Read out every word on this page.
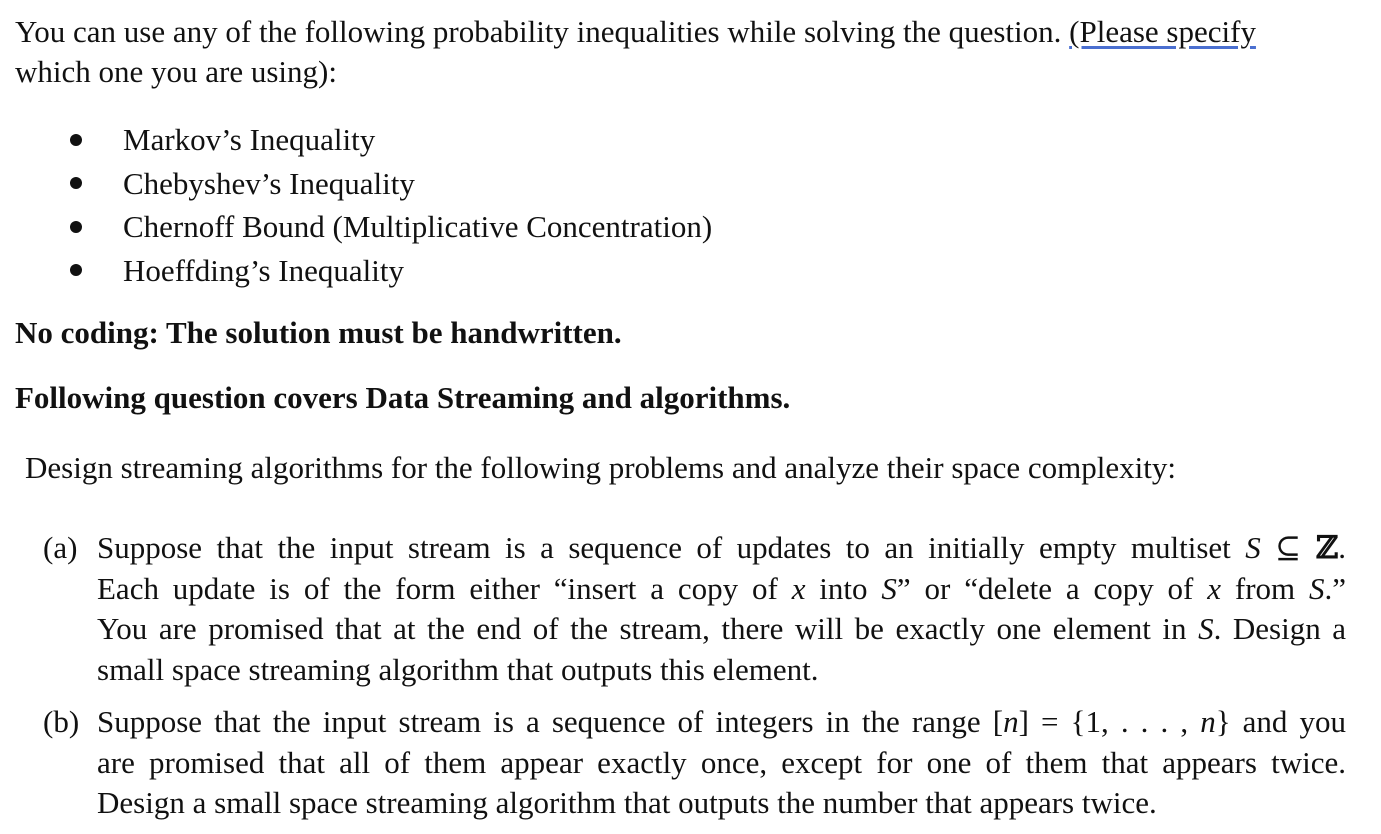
You can use any of the following probability inequalities while solving the question. (Please specify
which one you are using):
Markov’s Inequality
Chebyshev’s Inequality
Chernoff Bound (Multiplicative Concentration)
Hoeffding’s Inequality
No coding: The solution must be handwritten.
Following question covers Data Streaming and algorithms.
Design streaming algorithms for the following problems and analyze their space complexity:
(a) Suppose that the input stream is a sequence of updates to an initially empty multiset S ⊆ ℤ.
Each update is of the form either “insert a copy of x into S” or “delete a copy of x from S.”
You are promised that at the end of the stream, there will be exactly one element in S. Design a
small space streaming algorithm that outputs this element.
(b) Suppose that the input stream is a sequence of integers in the range [n] = {1, . . . , n} and you
are promised that all of them appear exactly once, except for one of them that appears twice.
Design a small space streaming algorithm that outputs the number that appears twice.
